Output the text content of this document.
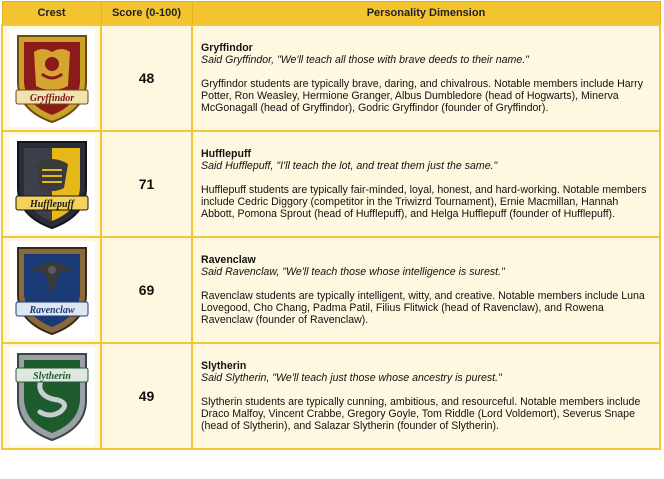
Crest	Score (0-100)	Personality Dimension

Gryffindor	48	Gryffindor
Said Gryffindor, "We'll teach all those with brave deeds to their name."
Gryffindor students are typically brave, daring, and chivalrous. Notable members include Harry Potter, Ron Weasley, Hermione Granger, Albus Dumbledore (head of Hogwarts), Minerva McGonagall (head of Gryffindor), Godric Gryffindor (founder of Gryffindor).

Hufflepuff	71	Hufflepuff
Said Hufflepuff, "I'll teach the lot, and treat them just the same."
Hufflepuff students are typically fair-minded, loyal, honest, and hard-working. Notable members include Cedric Diggory (competitor in the Triwizrd Tournament), Ernie Macmillan, Hannah Abbott, Pomona Sprout (head of Hufflepuff), and Helga Hufflepuff (founder of Hufflepuff).

Ravenclaw	69	Ravenclaw
Said Ravenclaw, "We'll teach those whose intelligence is surest."
Ravenclaw students are typically intelligent, witty, and creative. Notable members include Luna Lovegood, Cho Chang, Padma Patil, Filius Flitwick (head of Ravenclaw), and Rowena Ravenclaw (founder of Ravenclaw).

Slytherin	49	Slytherin
Said Slytherin, "We'll teach just those whose ancestry is purest."
Slytherin students are typically cunning, ambitious, and resourceful. Notable members include Draco Malfoy, Vincent Crabbe, Gregory Goyle, Tom Riddle (Lord Voldemort), Severus Snape (head of Slytherin), and Salazar Slytherin (founder of Slytherin).
